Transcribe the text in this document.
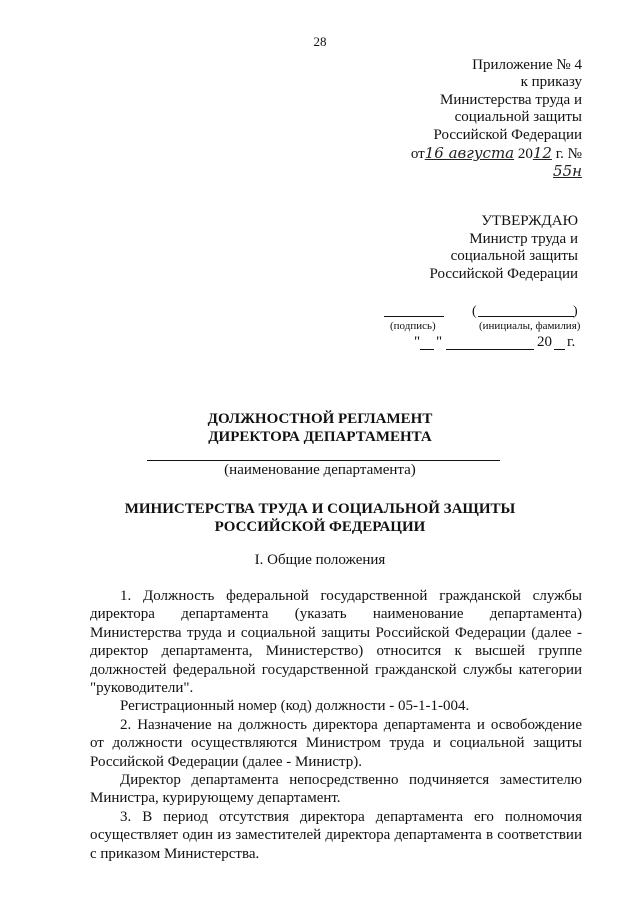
28
Приложение № 4
к приказу
Министерства труда и
социальной защиты
Российской Федерации
от16 августа 2012 г. № 55н
УТВЕРЖДАЮ
Министр труда и
социальной защиты
Российской Федерации
(	)
(подпись)	(инициалы, фамилия)
" "	20 г.
ДОЛЖНОСТНОЙ РЕГЛАМЕНТ
ДИРЕКТОРА ДЕПАРТАМЕНТА
(наименование департамента)
МИНИСТЕРСТВА ТРУДА И СОЦИАЛЬНОЙ ЗАЩИТЫ
РОССИЙСКОЙ ФЕДЕРАЦИИ
I. Общие положения

1. Должность федеральной государственной гражданской службы директора департамента (указать наименование департамента) Министерства труда и социальной защиты Российской Федерации (далее - директор департамента, Министерство) относится к высшей группе должностей федеральной государственной гражданской службы категории "руководители".

Регистрационный номер (код) должности - 05-1-1-004.

2. Назначение на должность директора департамента и освобождение от должности осуществляются Министром труда и социальной защиты Российской Федерации (далее - Министр).

Директор департамента непосредственно подчиняется заместителю Министра, курирующему департамент.

3. В период отсутствия директора департамента его полномочия осуществляет один из заместителей директора департамента в соответствии с приказом Министерства.
